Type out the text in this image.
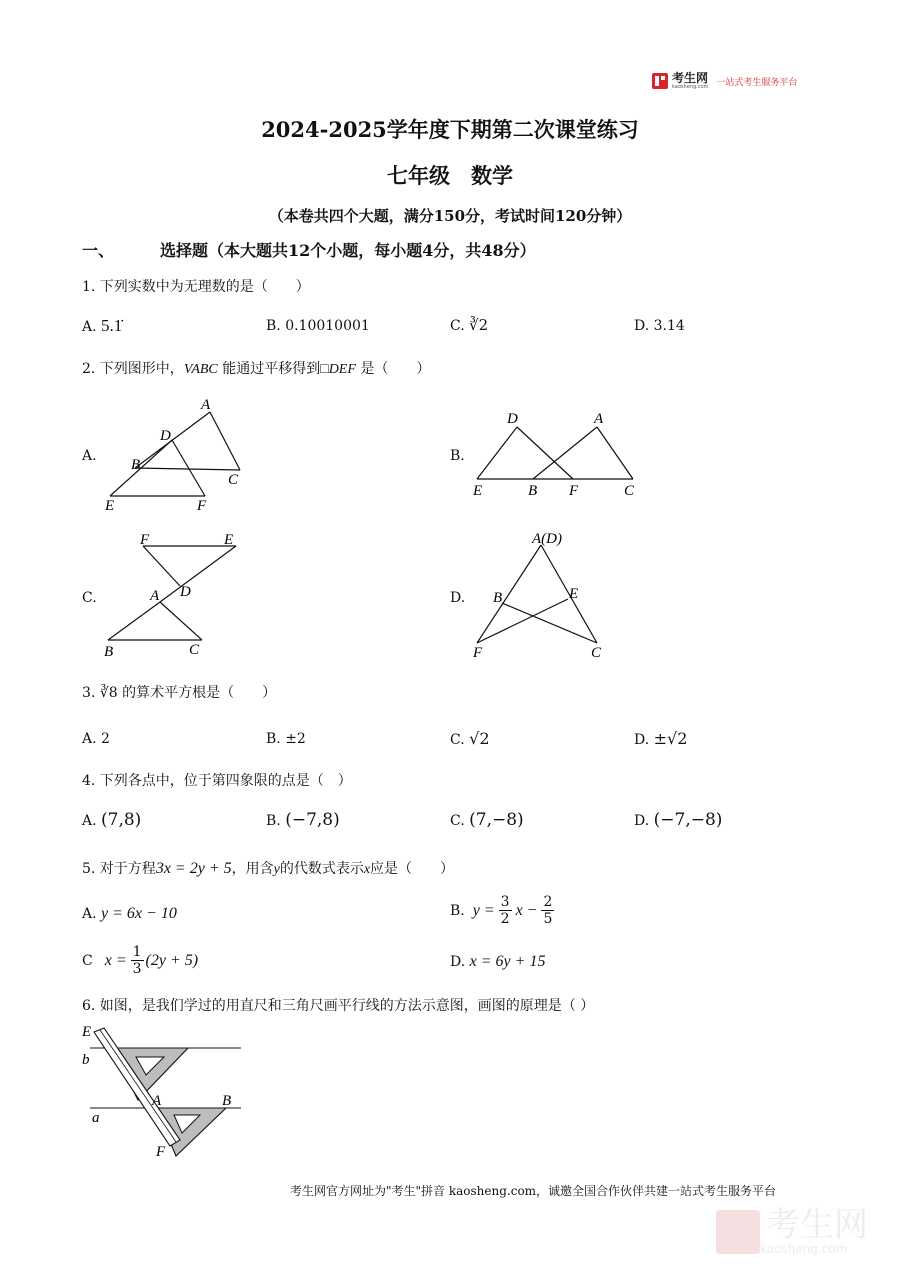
考生网
kaosheng.com 一站式考生服务平台
2024-2025学年度下期第二次课堂练习
七年级　数学
（本卷共四个大题，满分150分，考试时间120分钟）
一、	选择题（本大题共12个小题，每小题4分，共48分）
1. 下列实数中为无理数的是（　　）
A. 5.1̇	B. 0.10010001	C. ∛2	D. 3.14
2. 下列图形中，VABC 能通过平移得到□DEF 是（　　）
A.
A
D
B
C
E	F
B.
D	A
E	B F	C
C.
F	E
A D
B	C
D.
A(D)
B	E
F	C
3. ∛8 的算术平方根是（　　）
A. 2	B. ±2	C. √2	D. ±√2
4. 下列各点中，位于第四象限的点是（　）
A. (7,8)	B. (−7,8)	C. (7,−8)	D. (−7,−8)
5. 对于方程3x = 2y + 5，用含y的代数式表示x应是（　　）
A. y = 6x − 10	B. $y = \frac{3}{2}$ $x - \frac{2}{5}$
C $x = \frac{1}{3} (2y + 5)$	D. x = 6y + 15
6. 如图，是我们学过的用直尺和三角尺画平行线的方法示意图，画图的原理是（ ）
E
b
A	B
a
F
考生网官方网址为"考生"拼音 kaosheng.com，诚邀全国合作伙伴共建一站式考生服务平台
考生网
kaosheng.com
